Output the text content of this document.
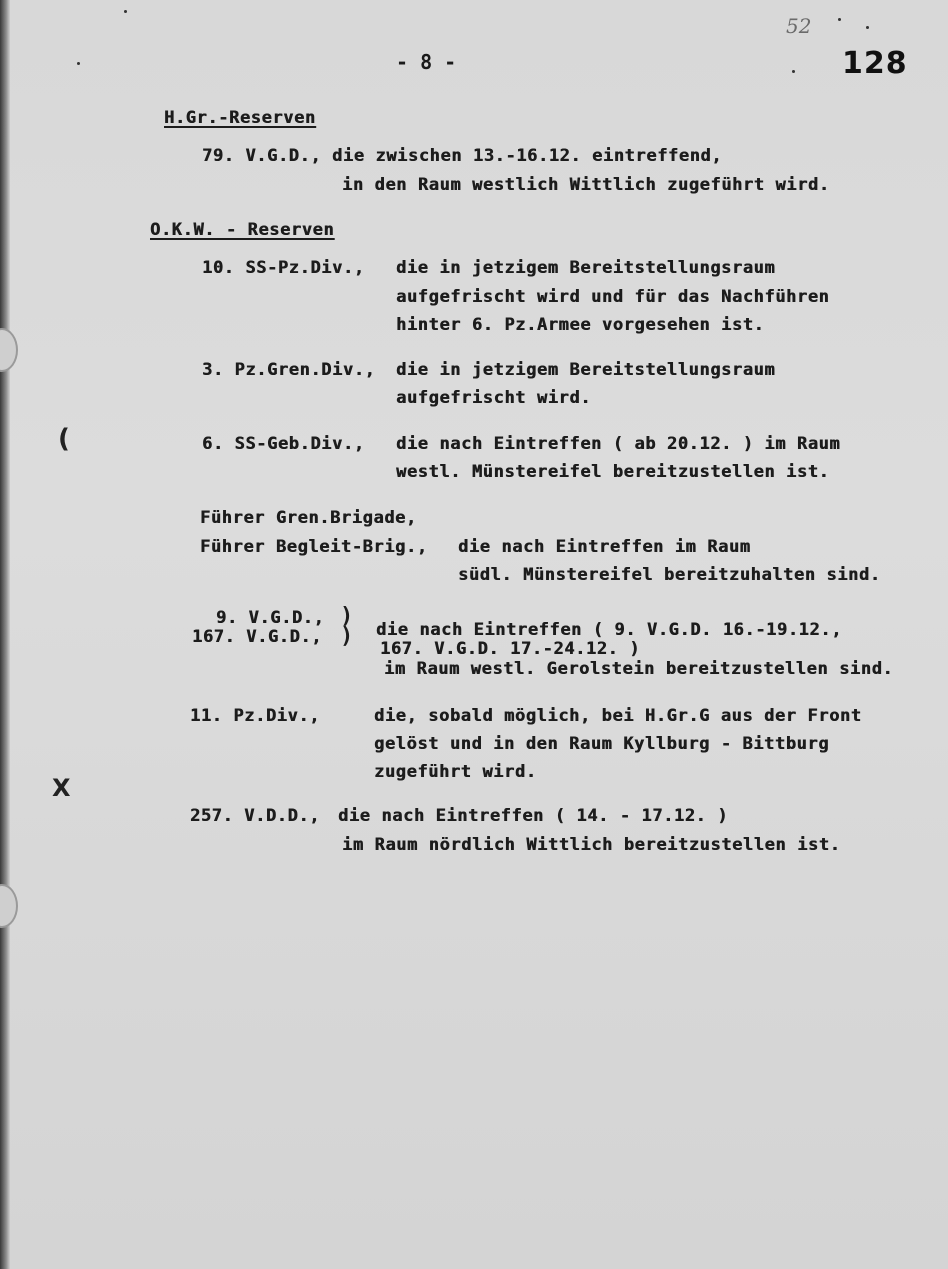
(
Ⅹ
- 8 -
52
128
H.Gr.-Reserven
79. V.G.D., die zwischen 13.-16.12. eintreffend,
in den Raum westlich Wittlich zugeführt wird.
O.K.W. - Reserven
10. SS-Pz.Div., die in jetzigem Bereitstellungsraum
aufgefrischt wird und für das Nachführen
hinter 6. Pz.Armee vorgesehen ist.
3. Pz.Gren.Div., die in jetzigem Bereitstellungsraum
aufgefrischt wird.
6. SS-Geb.Div., die nach Eintreffen ( ab 20.12. ) im Raum
westl. Münstereifel bereitzustellen ist.
Führer Gren.Brigade,
Führer Begleit-Brig., die nach Eintreffen im Raum
südl. Münstereifel bereitzuhalten sind.
9. V.G.D.,
167. V.G.D.,
)
) die nach Eintreffen ( 9. V.G.D. 16.-19.12.,
167. V.G.D. 17.-24.12. )
im Raum westl. Gerolstein bereitzustellen sind.
11. Pz.Div.,	die, sobald möglich, bei H.Gr.G aus der Front
gelöst und in den Raum Kyllburg - Bittburg
zugeführt wird.
257. V.D.D., die nach Eintreffen ( 14. - 17.12. )
im Raum nördlich Wittlich bereitzustellen ist.
